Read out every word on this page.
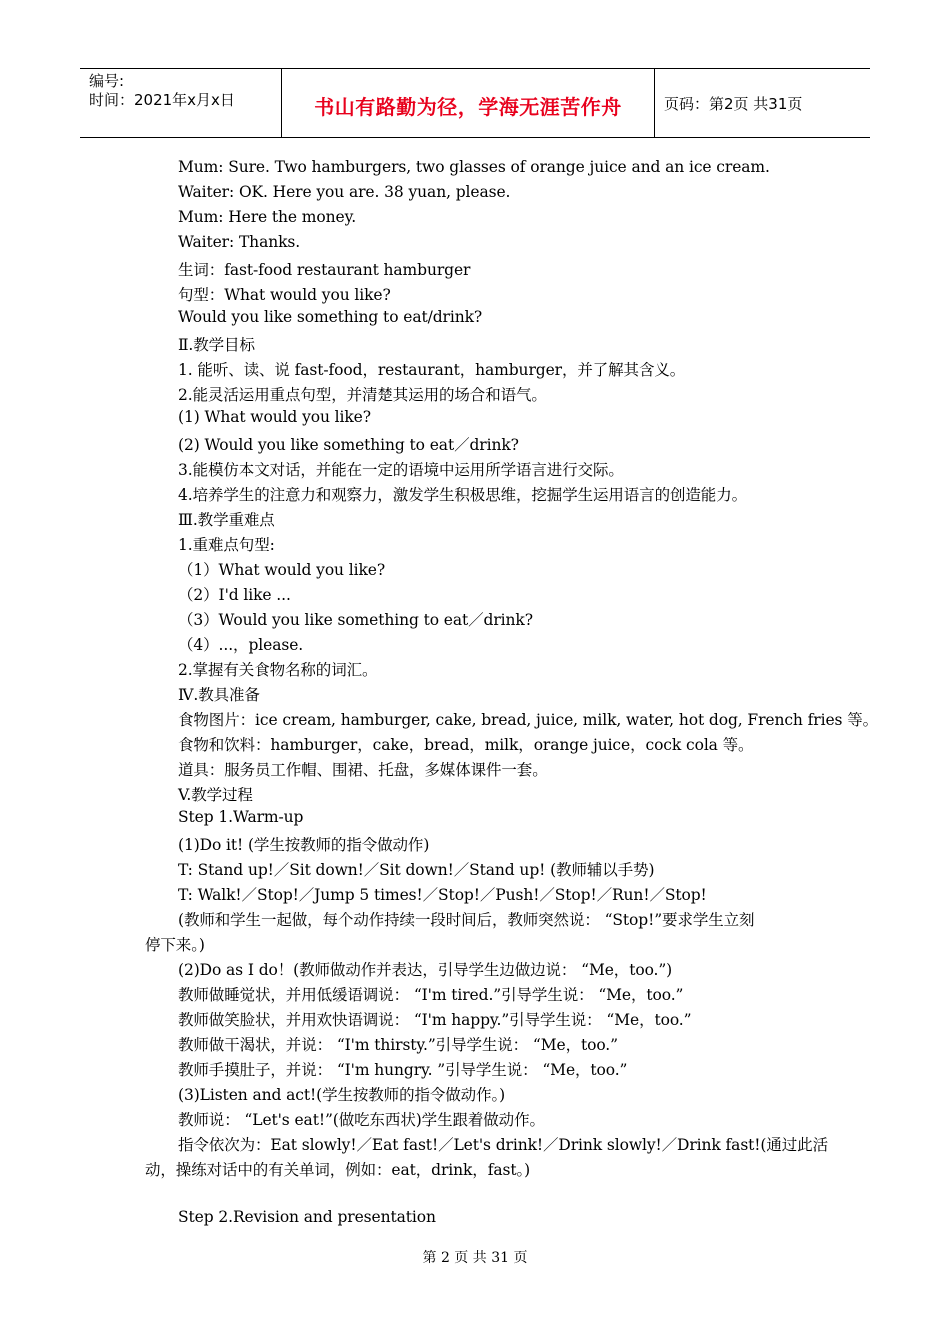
编号:
时间：2021年x月x日	书山有路勤为径，学海无涯苦作舟	页码：第2页 共31页
Mum: Sure. Two hamburgers, two glasses of orange juice and an ice cream.
Waiter: OK. Here you are. 38 yuan, please.
Mum: Here the money.
Waiter: Thanks.
生词：fast-food restaurant hamburger
句型：What would you like?
Would you like something to eat/drink?
Ⅱ.教学目标
1. 能听、读、说 fast-food，restaurant，hamburger，并了解其含义。
2.能灵活运用重点句型，并清楚其运用的场合和语气。
(1) What would you like?
(2) Would you like something to eat／drink?
3.能模仿本文对话，并能在一定的语境中运用所学语言进行交际。
4.培养学生的注意力和观察力，激发学生积极思维，挖掘学生运用语言的创造能力。
Ⅲ.教学重难点
1.重难点句型:
（1）What would you like?
（2）I'd like ...
（3）Would you like something to eat／drink?
（4）...，please.
2.掌握有关食物名称的词汇。
Ⅳ.教具准备
食物图片：ice cream, hamburger, cake, bread, juice, milk, water, hot dog, French fries 等。
食物和饮料：hamburger，cake，bread，milk，orange juice，cock cola 等。
道具：服务员工作帽、围裙、托盘，多媒体课件一套。
V.教学过程
Step 1.Warm-up
(1)Do it! (学生按教师的指令做动作)
T: Stand up!／Sit down!／Sit down!／Stand up! (教师辅以手势)
T: Walk!／Stop!／Jump 5 times!／Stop!／Push!／Stop!／Run!／Stop!
(教师和学生一起做，每个动作持续一段时间后，教师突然说： “Stop!”要求学生立刻
停下来。)
(2)Do as I do！(教师做动作并表达，引导学生边做边说： “Me，too.”)
教师做睡觉状，并用低缓语调说： “I'm tired.”引导学生说： “Me，too.”
教师做笑脸状，并用欢快语调说： “I'm happy.”引导学生说： “Me，too.”
教师做干渴状，并说： “I'm thirsty.”引导学生说： “Me，too.”
教师手摸肚子，并说： “I'm hungry. ”引导学生说： “Me，too.”
(3)Listen and act!(学生按教师的指令做动作。)
教师说： “Let's eat!”(做吃东西状)学生跟着做动作。
指令依次为：Eat slowly!／Eat fast!／Let's drink!／Drink slowly!／Drink fast!(通过此活
动，操练对话中的有关单词，例如：eat，drink，fast。)
Step 2.Revision and presentation
第 2 页 共 31 页
